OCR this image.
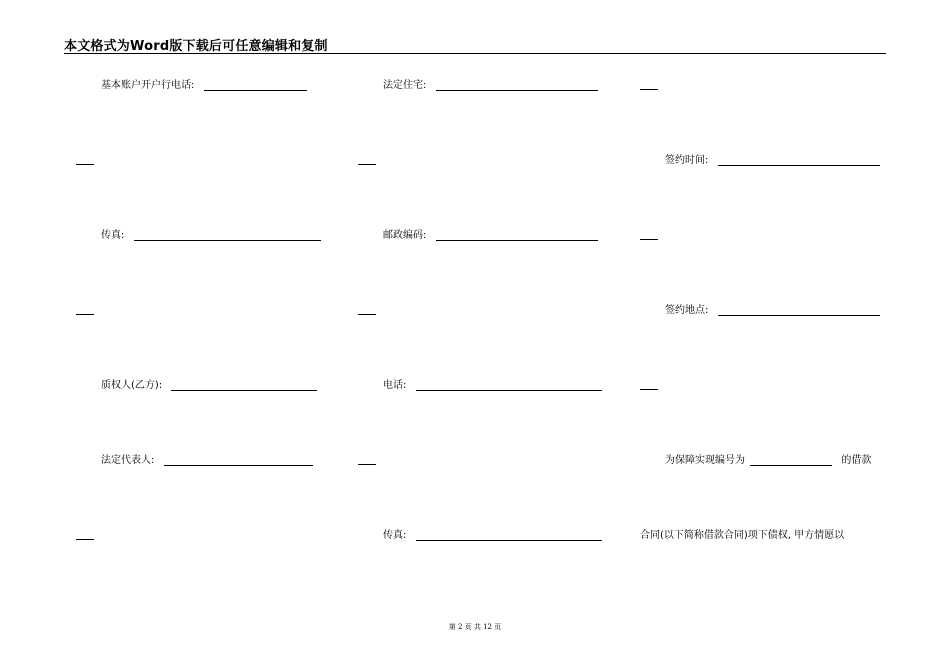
本文格式为Word版下载后可任意编辑和复制
基本账户开户行电话:
传真:
质权人(乙方):
法定代表人:
法定住宅:
邮政编码:
电话:
传真:
签约时间:
签约地点:
为保障实现编号为	的借款
合同(以下简称借款合同)项下债权, 甲方情愿以
第 2 页 共 12 页
